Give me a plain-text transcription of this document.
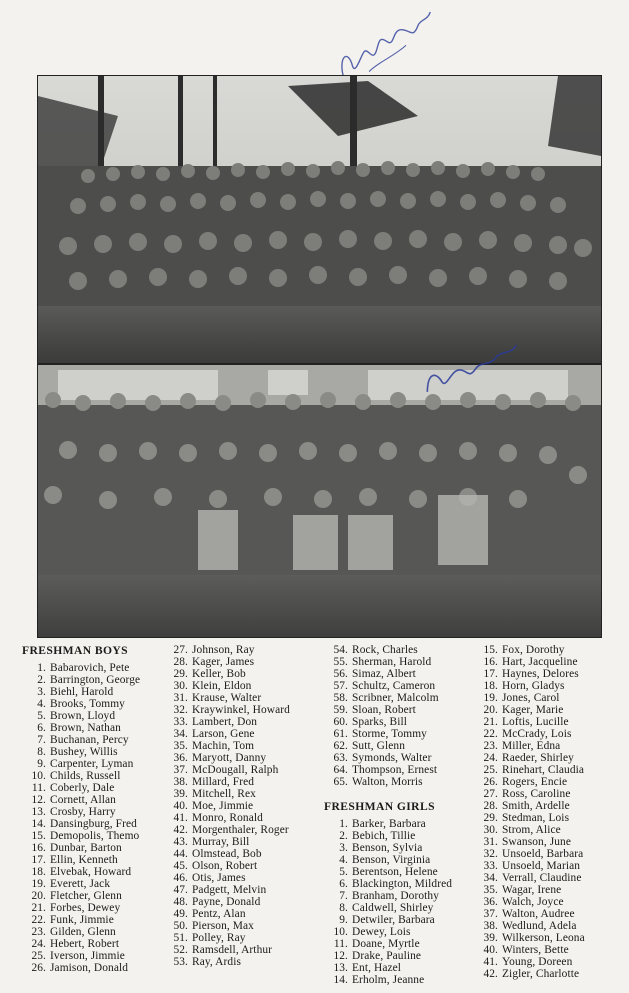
FRESHMAN BOYS
1. Babarovich, Pete
2. Barrington, George
3. Biehl, Harold
4. Brooks, Tommy
5. Brown, Lloyd
6. Brown, Nathan
7. Buchanan, Percy
8. Bushey, Willis
9. Carpenter, Lyman
10. Childs, Russell
11. Coberly, Dale
12. Cornett, Allan
13. Crosby, Harry
14. Dansingburg, Fred
15. Demopolis, Themo
16. Dunbar, Barton
17. Ellin, Kenneth
18. Elvebak, Howard
19. Everett, Jack
20. Fletcher, Glenn
21. Forbes, Dewey
22. Funk, Jimmie
23. Gilden, Glenn
24. Hebert, Robert
25. Iverson, Jimmie
26. Jamison, Donald
27. Johnson, Ray
28. Kager, James
29. Keller, Bob
30. Klein, Eldon
31. Krause, Walter
32. Kraywinkel, Howard
33. Lambert, Don
34. Larson, Gene
35. Machin, Tom
36. Maryott, Danny
37. McDougall, Ralph
38. Millard, Fred
39. Mitchell, Rex
40. Moe, Jimmie
41. Monro, Ronald
42. Morgenthaler, Roger
43. Murray, Bill
44. Olmstead, Bob
45. Olson, Robert
46. Otis, James
47. Padgett, Melvin
48. Payne, Donald
49. Pentz, Alan
50. Pierson, Max
51. Polley, Ray
52. Ramsdell, Arthur
53. Ray, Ardis
54. Rock, Charles
55. Sherman, Harold
56. Simaz, Albert
57. Schultz, Cameron
58. Scribner, Malcolm
59. Sloan, Robert
60. Sparks, Bill
61. Storme, Tommy
62. Sutt, Glenn
63. Symonds, Walter
64. Thompson, Ernest
65. Walton, Morris
FRESHMAN GIRLS
1. Barker, Barbara
2. Bebich, Tillie
3. Benson, Sylvia
4. Benson, Virginia
5. Berentson, Helene
6. Blackington, Mildred
7. Branham, Dorothy
8. Caldwell, Shirley
9. Detwiler, Barbara
10. Dewey, Lois
11. Doane, Myrtle
12. Drake, Pauline
13. Ent, Hazel
14. Erholm, Jeanne
15. Fox, Dorothy
16. Hart, Jacqueline
17. Haynes, Delores
18. Horn, Gladys
19. Jones, Carol
20. Kager, Marie
21. Loftis, Lucille
22. McCrady, Lois
23. Miller, Edna
24. Raeder, Shirley
25. Rinehart, Claudia
26. Rogers, Encie
27. Ross, Caroline
28. Smith, Ardelle
29. Stedman, Lois
30. Strom, Alice
31. Swanson, June
32. Unsoeld, Barbara
33. Unsoeld, Marian
34. Verrall, Claudine
35. Wagar, Irene
36. Walch, Joyce
37. Walton, Audree
38. Wedlund, Adela
39. Wilkerson, Leona
40. Winters, Bette
41. Young, Doreen
42. Zigler, Charlotte
